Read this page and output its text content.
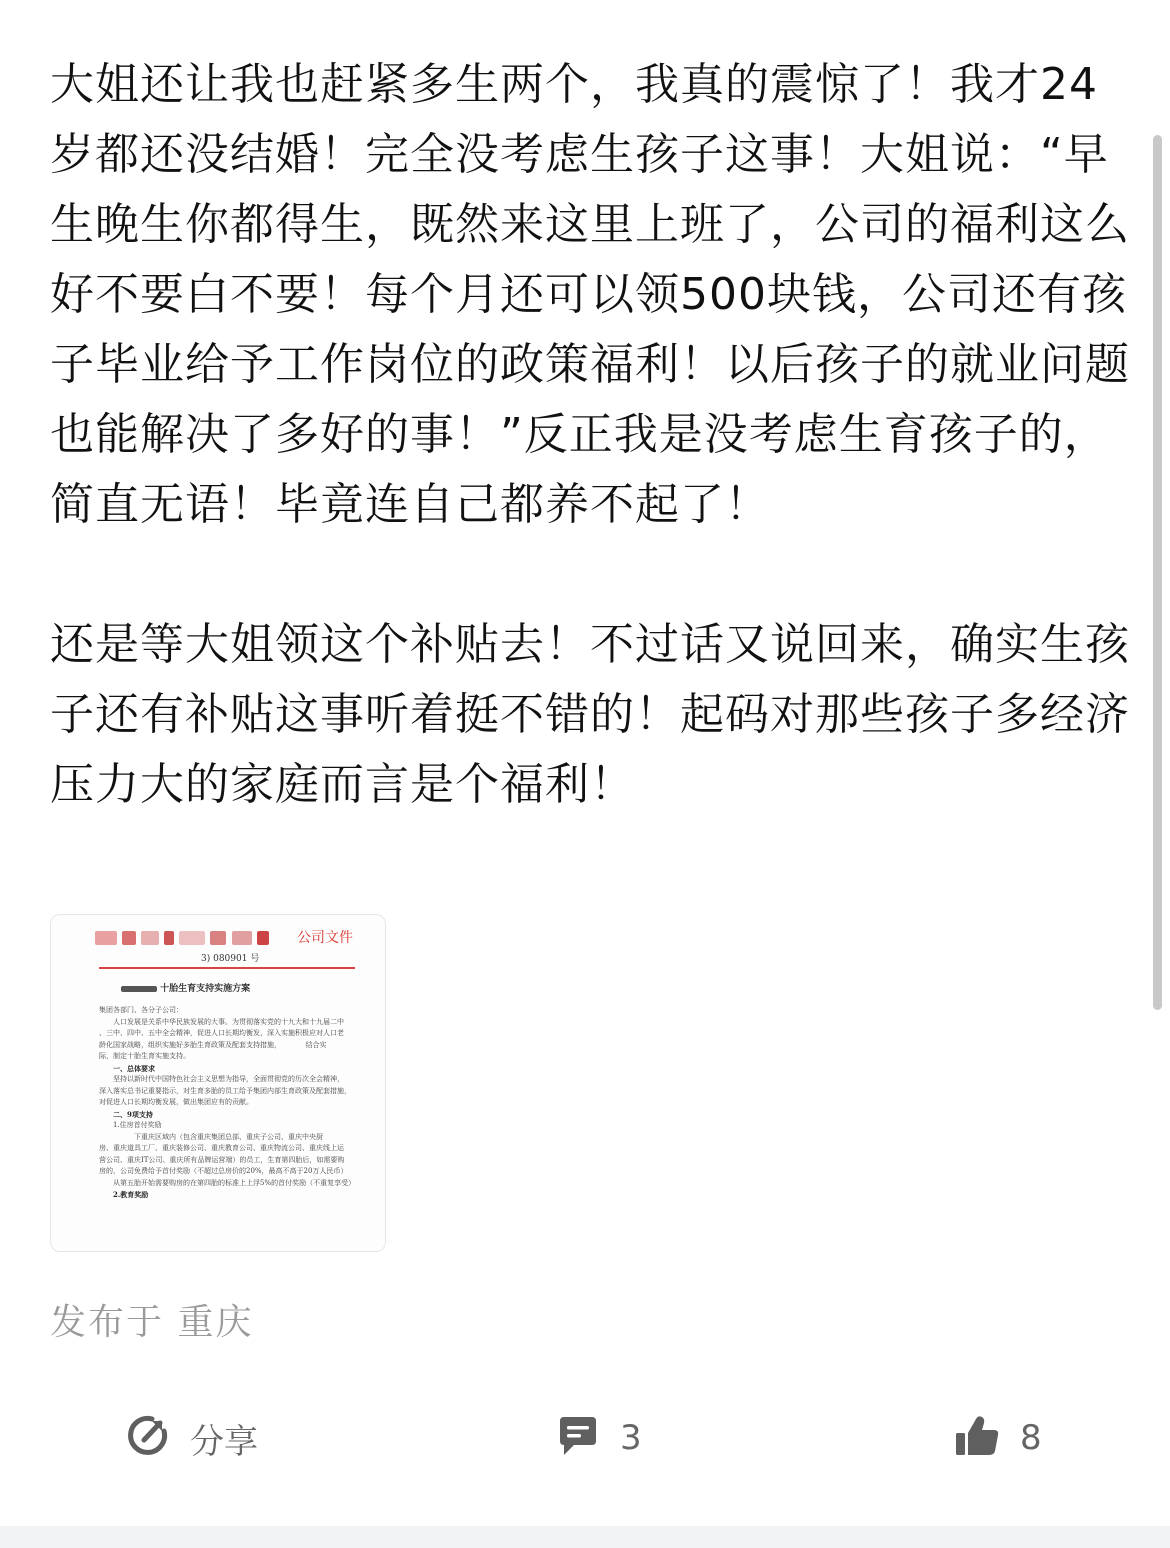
大姐还让我也赶紧多生两个，我真的震惊了！我才24岁都还没结婚！完全没考虑生孩子这事！大姐说：“早生晚生你都得生，既然来这里上班了，公司的福利这么好不要白不要！每个月还可以领500块钱，公司还有孩子毕业给予工作岗位的政策福利！以后孩子的就业问题也能解决了多好的事！”反正我是没考虑生育孩子的，简直无语！毕竟连自己都养不起了！

还是等大姐领这个补贴去！不过话又说回来，确实生孩子还有补贴这事听着挺不错的！起码对那些孩子多经济压力大的家庭而言是个福利！

公司文件
3) 080901 号
十胎生育支持实施方案
集团各部门、各分子公司：
　　人口发展是关系中华民族发展的大事。为贯彻落实党的十九大和十九届二中
、三中、四中、五中全会精神，促进人口长期均衡发，深入实施积极应对人口老
龄化国家战略，组织实施好多胎生育政策及配套支持措施，　　　　结合实
际，制定十胎生育实施支持。
　　一、总体要求
　　坚持以新时代中国特色社会主义思想为指导，全面贯彻党的历次全会精神，
深入落实总书记重要指示，对生育多胎的员工给予集团内部生育政策及配套措施，
对促进人口长期均衡发展，做出集团应有的贡献。
　　二、9项支持
　　1.住房首付奖励
　　　　　下重庆区域内（包含重庆集团总部、重庆子公司、重庆中央厨
房、重庆道具工厂、重庆装修公司、重庆教育公司、重庆物流公司、重庆线上运
营公司、重庆IT公司、重庆所有品牌运营端）的员工，生育第四胎后，如需要购
房的，公司免费给予首付奖励（不超过总房价的20%，最高不高于20万人民币）
　　从第五胎开始需要购房的在第四胎的标准上上浮5%的首付奖励（不重复享受）
　　2.教育奖励
发布于 重庆
分享	3	8
